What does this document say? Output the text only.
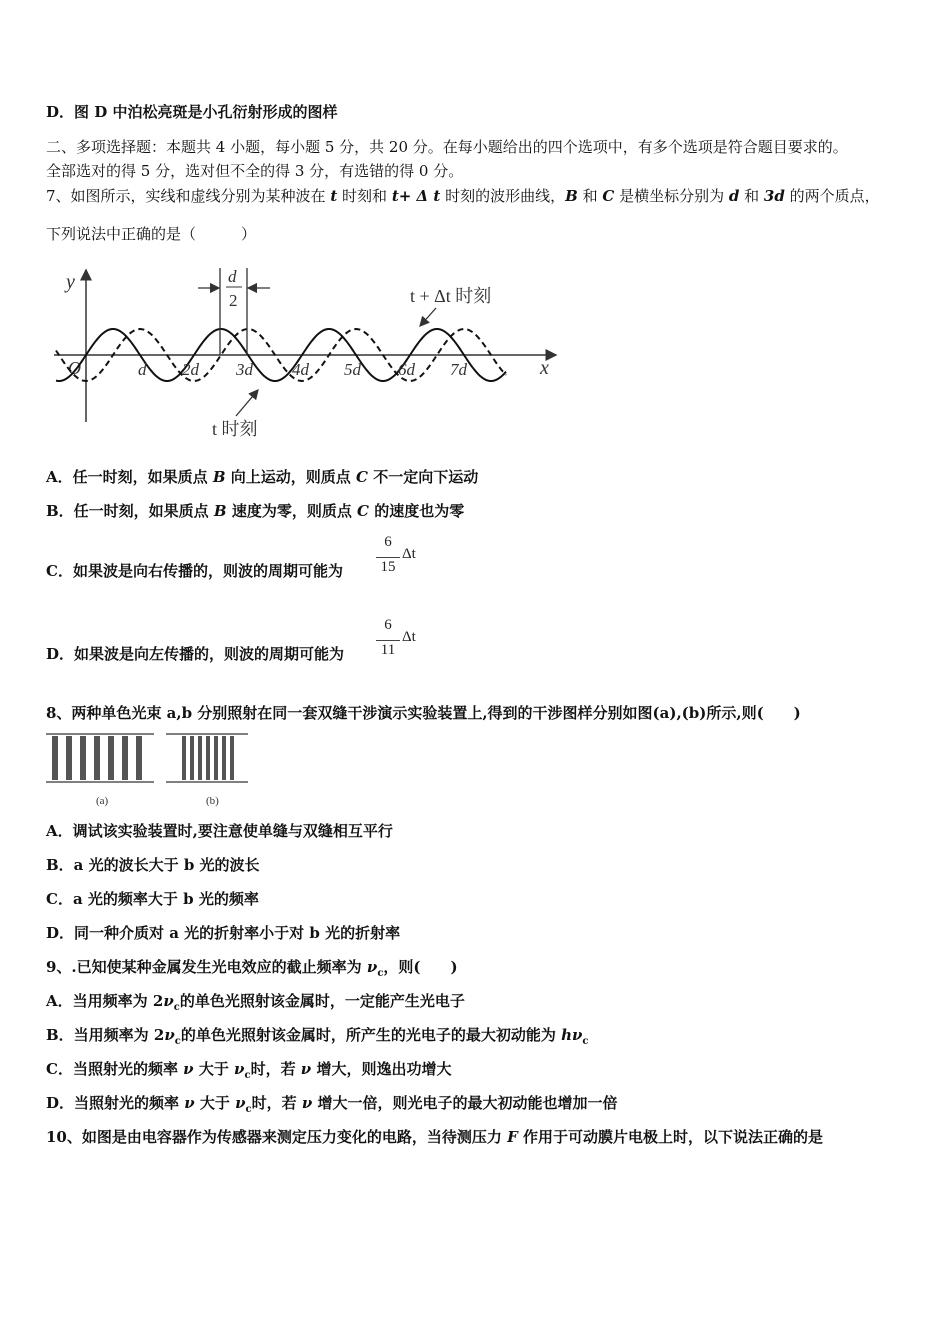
D．图 D 中泊松亮斑是小孔衍射形成的图样
二、多项选择题：本题共 4 小题，每小题 5 分，共 20 分。在每小题给出的四个选项中，有多个选项是符合题目要求的。
全部选对的得 5 分，选对但不全的得 3 分，有选错的得 0 分。
7、如图所示，实线和虚线分别为某种波在 t 时刻和 t+ Δ t 时刻的波形曲线，B 和 C 是横坐标分别为 d 和 3d 的两个质点，
下列说法中正确的是（　　　）
y
x
O	d 2d 3d 4d 5d 6d 7d
d
2	t + Δt 时刻
t 时刻
A．任一时刻，如果质点 B 向上运动，则质点 C 不一定向下运动
B．任一时刻，如果质点 B 速度为零，则质点 C 的速度也为零
C．如果波是向右传播的，则波的周期可能为
6
15
Δt
D．如果波是向左传播的，则波的周期可能为
6
11
Δt
8、两种单色光束 a,b 分别照射在同一套双缝干涉演示实验装置上,得到的干涉图样分别如图(a),(b)所示,则(　　)
(a)	(b)
A．调试该实验装置时,要注意使单缝与双缝相互平行
B．a 光的波长大于 b 光的波长
C．a 光的频率大于 b 光的频率
D．同一种介质对 a 光的折射率小于对 b 光的折射率
9、.已知使某种金属发生光电效应的截止频率为 $\nu_c$，则(　　)
A．当用频率为 $2\nu_c$的单色光照射该金属时，一定能产生光电子
B．当用频率为 $2\nu_c$的单色光照射该金属时，所产生的光电子的最大初动能为 $h\nu_c$
C．当照射光的频率 ν 大于 $\nu_c$时，若 ν 增大，则逸出功增大
D．当照射光的频率 ν 大于 $\nu_c$时，若 ν 增大一倍，则光电子的最大初动能也增加一倍
10、如图是由电容器作为传感器来测定压力变化的电路，当待测压力 F 作用于可动膜片电极上时，以下说法正确的是
